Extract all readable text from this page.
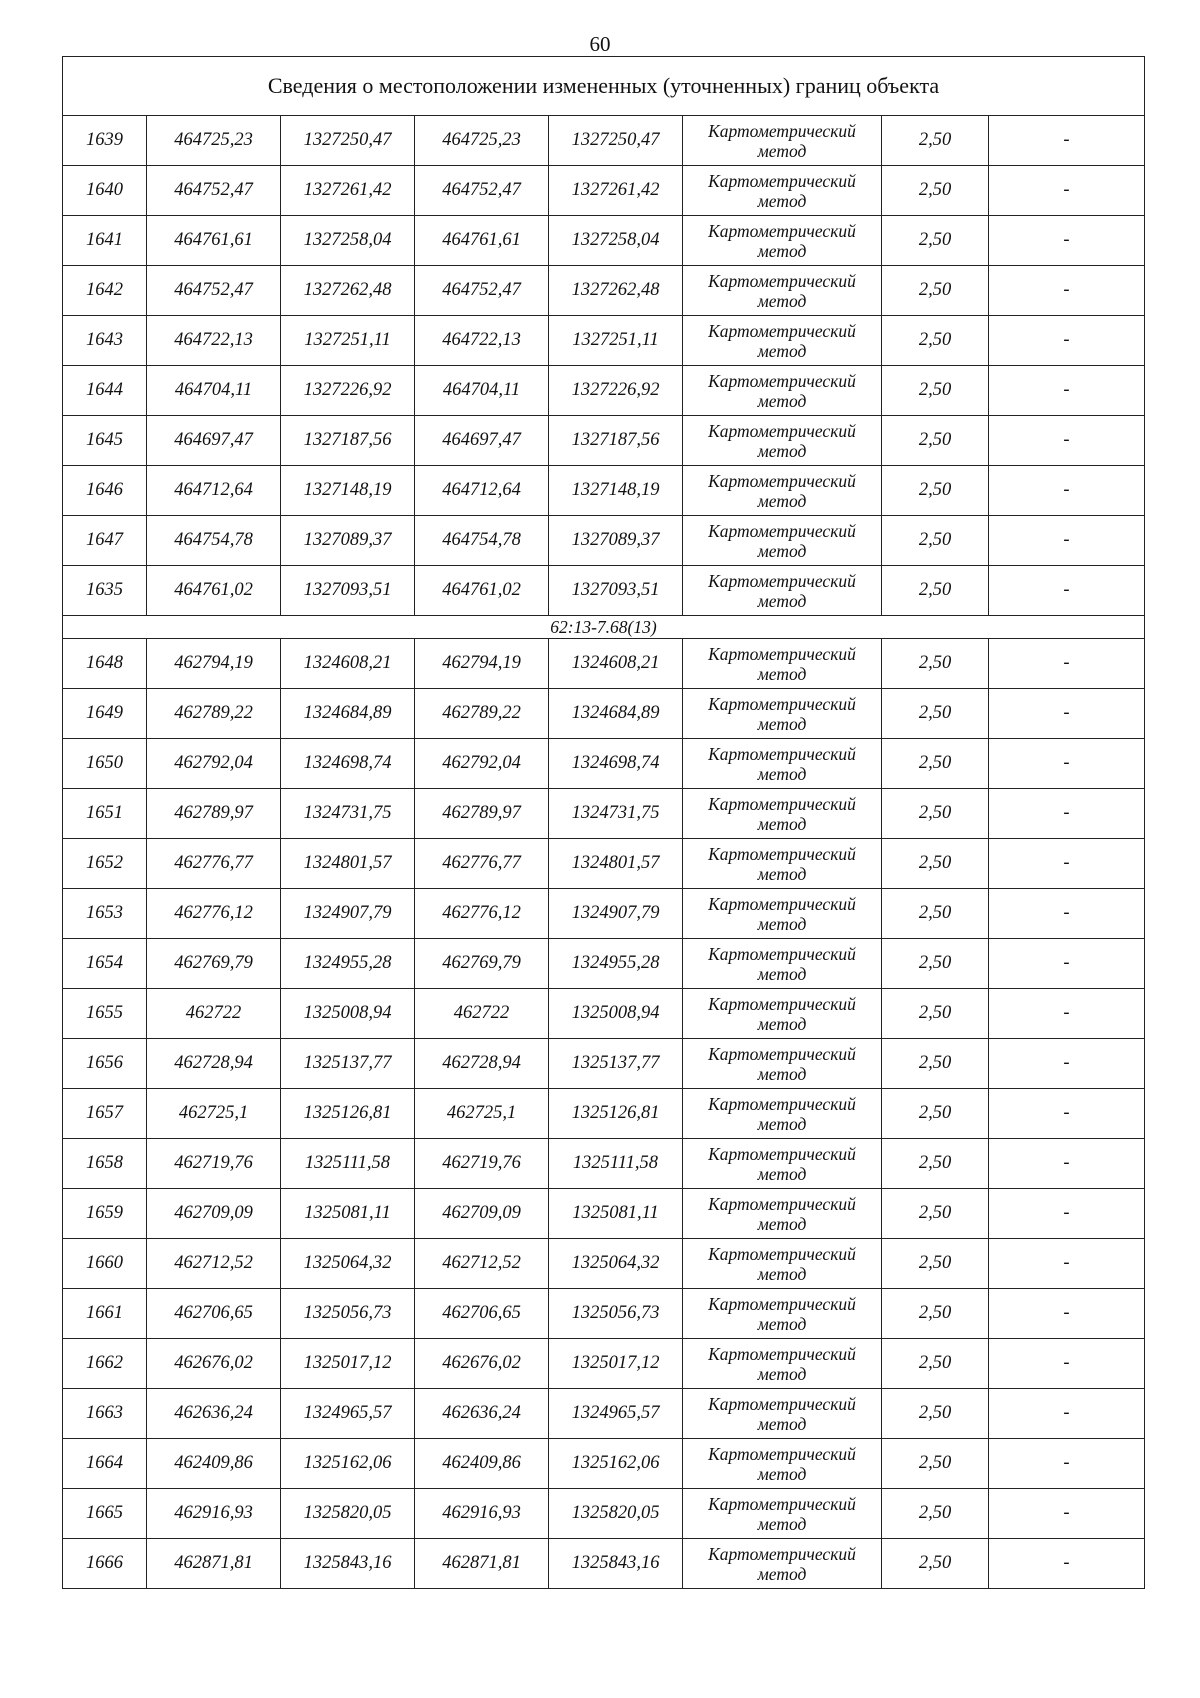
60
Сведения о местоположении измененных (уточненных) границ объекта							
1639	464725,23	1327250,47	464725,23	1327250,47	Картометрический метод	2,50	-
1640	464752,47	1327261,42	464752,47	1327261,42	Картометрический метод	2,50	-
1641	464761,61	1327258,04	464761,61	1327258,04	Картометрический метод	2,50	-
1642	464752,47	1327262,48	464752,47	1327262,48	Картометрический метод	2,50	-
1643	464722,13	1327251,11	464722,13	1327251,11	Картометрический метод	2,50	-
1644	464704,11	1327226,92	464704,11	1327226,92	Картометрический метод	2,50	-
1645	464697,47	1327187,56	464697,47	1327187,56	Картометрический метод	2,50	-
1646	464712,64	1327148,19	464712,64	1327148,19	Картометрический метод	2,50	-
1647	464754,78	1327089,37	464754,78	1327089,37	Картометрический метод	2,50	-
1635	464761,02	1327093,51	464761,02	1327093,51	Картометрический метод	2,50	-
62:13-7.68(13)							
1648	462794,19	1324608,21	462794,19	1324608,21	Картометрический метод	2,50	-
1649	462789,22	1324684,89	462789,22	1324684,89	Картометрический метод	2,50	-
1650	462792,04	1324698,74	462792,04	1324698,74	Картометрический метод	2,50	-
1651	462789,97	1324731,75	462789,97	1324731,75	Картометрический метод	2,50	-
1652	462776,77	1324801,57	462776,77	1324801,57	Картометрический метод	2,50	-
1653	462776,12	1324907,79	462776,12	1324907,79	Картометрический метод	2,50	-
1654	462769,79	1324955,28	462769,79	1324955,28	Картометрический метод	2,50	-
1655	462722	1325008,94	462722	1325008,94	Картометрический метод	2,50	-
1656	462728,94	1325137,77	462728,94	1325137,77	Картометрический метод	2,50	-
1657	462725,1	1325126,81	462725,1	1325126,81	Картометрический метод	2,50	-
1658	462719,76	1325111,58	462719,76	1325111,58	Картометрический метод	2,50	-
1659	462709,09	1325081,11	462709,09	1325081,11	Картометрический метод	2,50	-
1660	462712,52	1325064,32	462712,52	1325064,32	Картометрический метод	2,50	-
1661	462706,65	1325056,73	462706,65	1325056,73	Картометрический метод	2,50	-
1662	462676,02	1325017,12	462676,02	1325017,12	Картометрический метод	2,50	-
1663	462636,24	1324965,57	462636,24	1324965,57	Картометрический метод	2,50	-
1664	462409,86	1325162,06	462409,86	1325162,06	Картометрический метод	2,50	-
1665	462916,93	1325820,05	462916,93	1325820,05	Картометрический метод	2,50	-
1666	462871,81	1325843,16	462871,81	1325843,16	Картометрический метод	2,50	-
